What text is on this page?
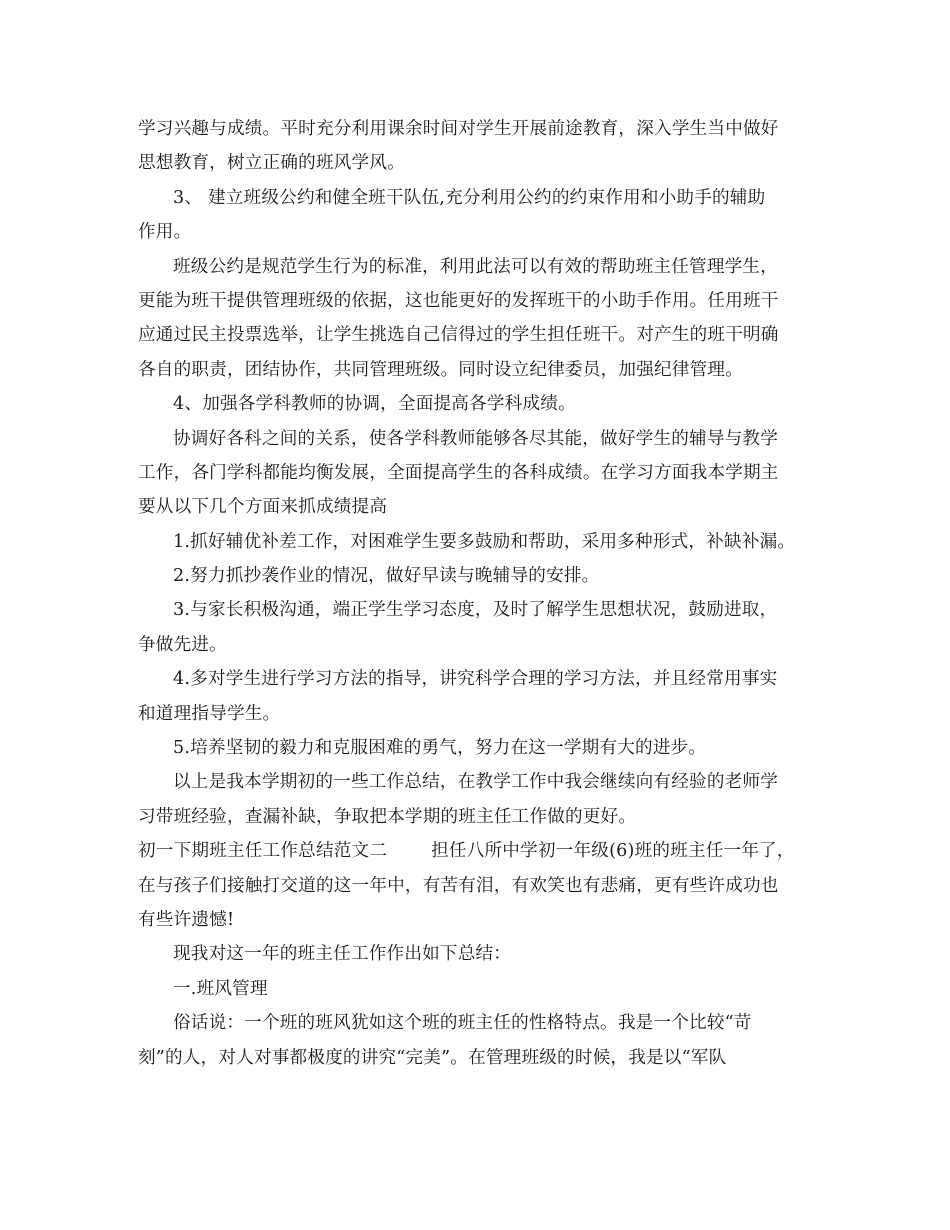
学习兴趣与成绩。平时充分利用课余时间对学生开展前途教育，深入学生当中做好
思想教育，树立正确的班风学风。
3、 建立班级公约和健全班干队伍,充分利用公约的约束作用和小助手的辅助
作用。
班级公约是规范学生行为的标准，利用此法可以有效的帮助班主任管理学生，
更能为班干提供管理班级的依据，这也能更好的发挥班干的小助手作用。任用班干
应通过民主投票选举，让学生挑选自己信得过的学生担任班干。对产生的班干明确
各自的职责，团结协作，共同管理班级。同时设立纪律委员，加强纪律管理。
4、加强各学科教师的协调，全面提高各学科成绩。
协调好各科之间的关系，使各学科教师能够各尽其能，做好学生的辅导与教学
工作，各门学科都能均衡发展，全面提高学生的各科成绩。在学习方面我本学期主
要从以下几个方面来抓成绩提高
1.抓好辅优补差工作，对困难学生要多鼓励和帮助，采用多种形式，补缺补漏。
2.努力抓抄袭作业的情况，做好早读与晚辅导的安排。
3.与家长积极沟通，端正学生学习态度，及时了解学生思想状况，鼓励进取，
争做先进。
4.多对学生进行学习方法的指导，讲究科学合理的学习方法，并且经常用事实
和道理指导学生。
5.培养坚韧的毅力和克服困难的勇气，努力在这一学期有大的进步。
以上是我本学期初的一些工作总结，在教学工作中我会继续向有经验的老师学
习带班经验，查漏补缺，争取把本学期的班主任工作做的更好。
初一下期班主任工作总结范文二	担任八所中学初一年级(6)班的班主任一年了，
在与孩子们接触打交道的这一年中，有苦有泪，有欢笑也有悲痛，更有些许成功也
有些许遗憾!
现我对这一年的班主任工作作出如下总结：
一.班风管理
俗话说：一个班的班风犹如这个班的班主任的性格特点。我是一个比较“苛
刻”的人，对人对事都极度的讲究“完美”。在管理班级的时候，我是以“军队
